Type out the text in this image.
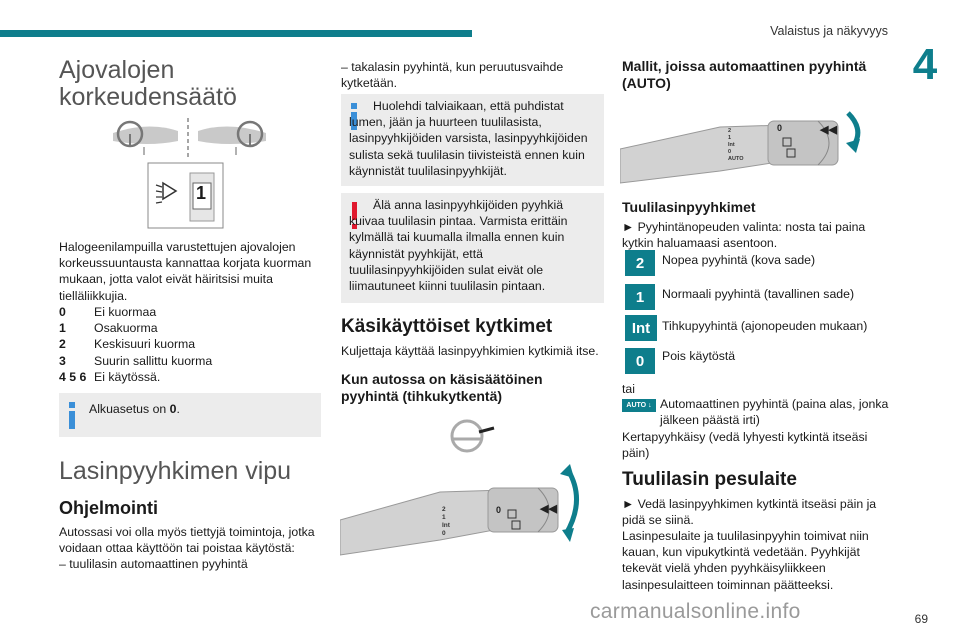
Valaistus ja näkyvyys
4
Ajovalojen korkeudensäätö
1
Halogeenilampuilla varustettujen ajovalojen korkeussuuntausta kannattaa korjata kuorman mukaan, jotta valot eivät häiritsisi muita tielläliikkujia.
0	Ei kuormaa
1	Osakuorma
2	Keskisuuri kuorma
3	Suurin sallittu kuorma
4 5 6 Ei käytössä.
Alkuasetus on 0.
Lasinpyyhkimen vipu
Ohjelmointi
Autossasi voi olla myös tiettyjä toimintoja, jotka voidaan ottaa käyttöön tai poistaa käytöstä:
– tuulilasin automaattinen pyyhintä
– takalasin pyyhintä, kun peruutusvaihde kytketään.
Huolehdi talviaikaan, että puhdistat lumen, jään ja huurteen tuulilasista, lasinpyyhkijöiden varsista, lasinpyyhkijöiden sulista sekä tuulilasin tiivisteistä ennen kuin käynnistät tuulilasinpyyhkijät.
Älä anna lasinpyyhkijöiden pyyhkiä kuivaa tuulilasin pintaa. Varmista erittäin kylmällä tai kuumalla ilmalla ennen kuin käynnistät pyyhkijät, että tuulilasinpyyhkijöiden sulat eivät ole liimautuneet kiinni tuulilasin pintaan.
Käsikäyttöiset kytkimet
Kuljettaja käyttää lasinpyyhkimien kytkimiä itse.
Kun autossa on käsisäätöinen pyyhintä (tihkukytkentä)
◀◀
2
1
Int
0
0
Mallit, joissa automaattinen pyyhintä (AUTO)
◀◀
2
1
Int
0
AUTO
0
Tuulilasinpyyhkimet
► Pyyhintänopeuden valinta: nosta tai paina kytkin haluamaasi asentoon.
2	Nopea pyyhintä (kova sade)
1	Normaali pyyhintä (tavallinen sade)
Int Tihkupyyhintä (ajonopeuden mukaan)
0	Pois käytöstä
tai
AUTO ↓ Automaattinen pyyhintä (paina alas, jonka jälkeen päästä irti)
Kertapyyhkäisy (vedä lyhyesti kytkintä itseäsi päin)
Tuulilasin pesulaite
► Vedä lasinpyyhkimen kytkintä itseäsi päin ja pidä se siinä.
Lasinpesulaite ja tuulilasinpyyhin toimivat niin kauan, kun vipukytkintä vedetään. Pyyhkijät tekevät vielä yhden pyyhkäisyliikkeen lasinpesulaitteen toiminnan päätteeksi.
carmanualsonline.info	69
